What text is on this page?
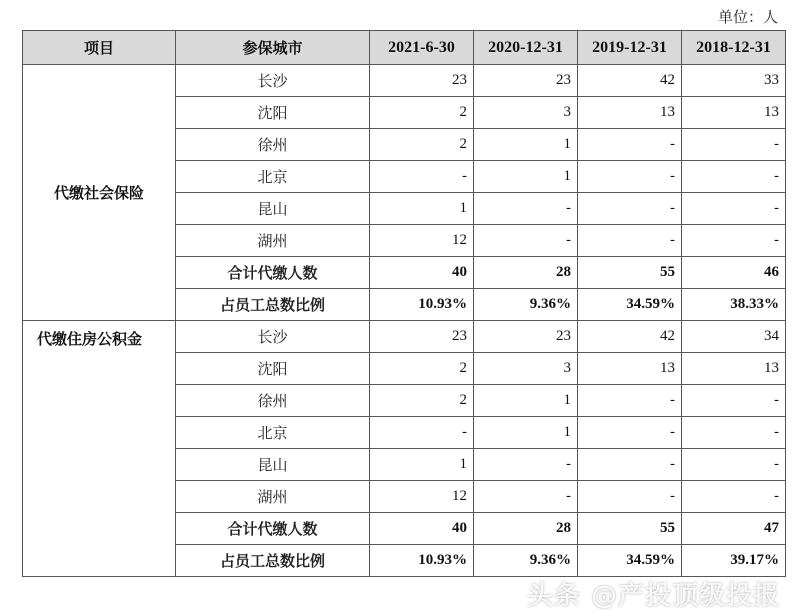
单位：人
项目	参保城市	2021-6-30	2020-12-31	2019-12-31	2018-12-31
代缴社会保险	长沙	23	23	42	33
	沈阳	2	3	13	13
	徐州	2	1	-	-
	北京	-	1	-	-
	昆山	1	-	-	-
	湖州	12	-	-	-
	合计代缴人数	40	28	55	46
	占员工总数比例	10.93%	9.36%	34.59%	38.33%
代缴住房公积金	长沙	23	23	42	34
	沈阳	2	3	13	13
	徐州	2	1	-	-
	北京	-	1	-	-
	昆山	1	-	-	-
	湖州	12	-	-	-
	合计代缴人数	40	28	55	47
	占员工总数比例	10.93%	9.36%	34.59%	39.17%
头条 @产投顶级投报
